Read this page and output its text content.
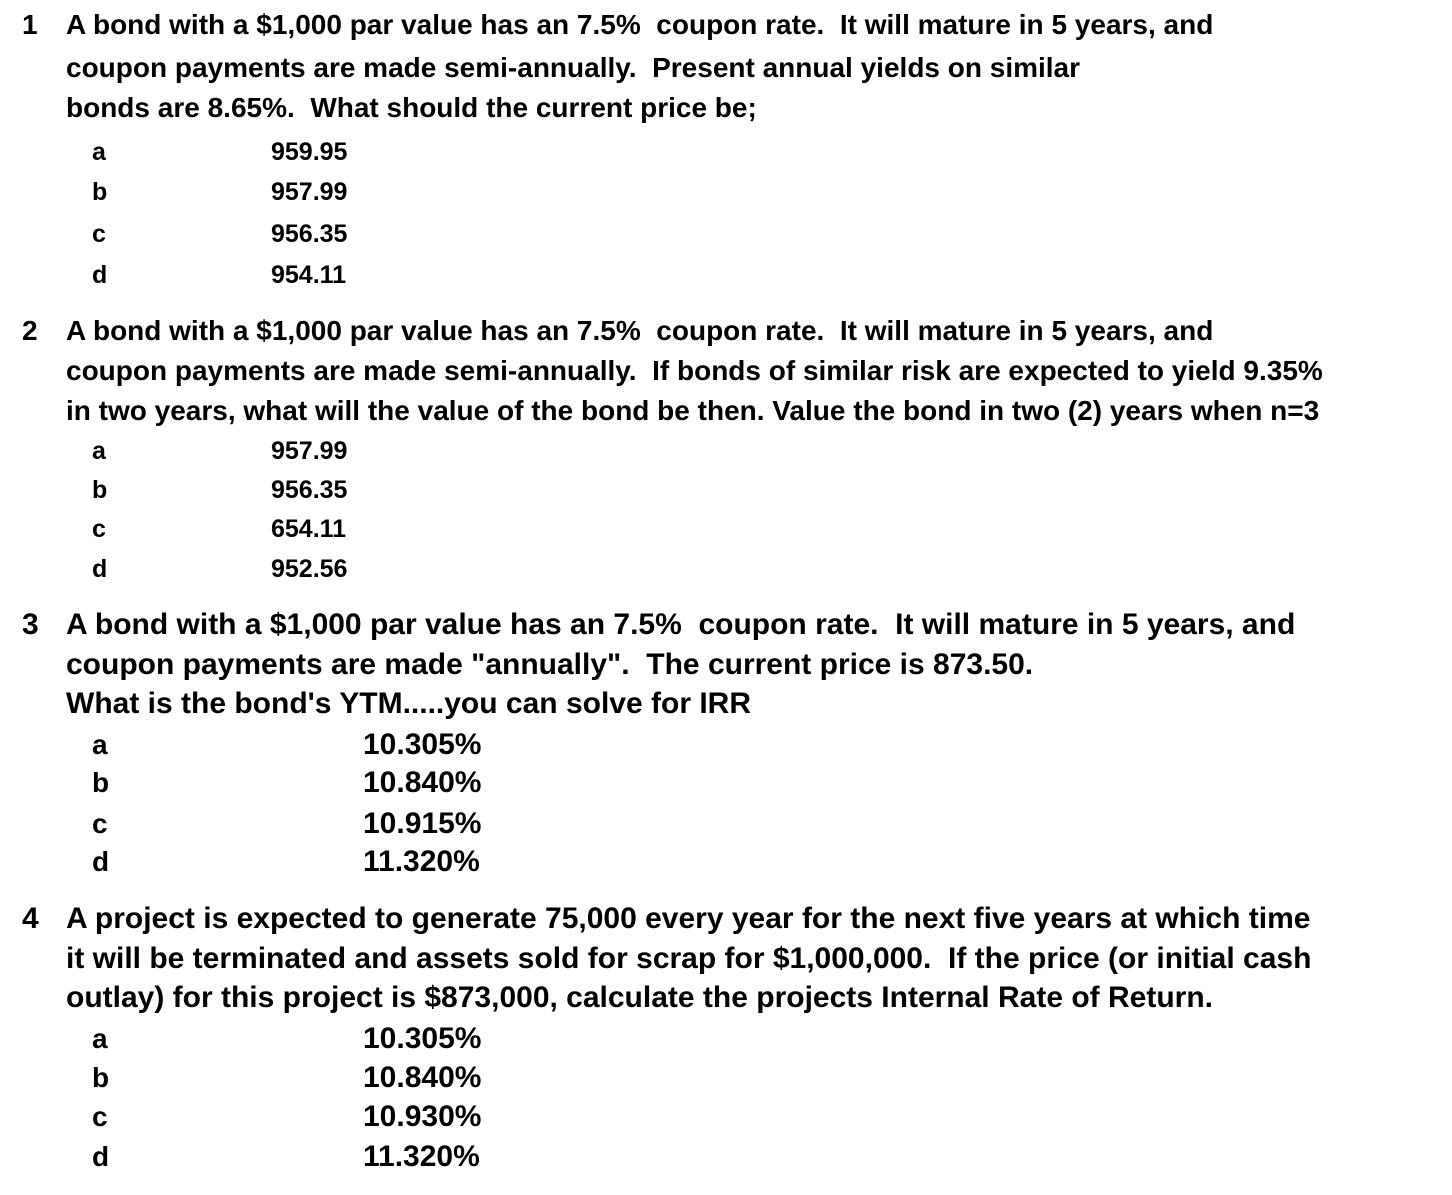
1 A bond with a $1,000 par value has an 7.5%  coupon rate.  It will mature in 5 years, and
coupon payments are made semi-annually.  Present annual yields on similar
bonds are 8.65%.  What should the current price be;
a	959.95
b	957.99
c	956.35
d	954.11
2 A bond with a $1,000 par value has an 7.5%  coupon rate.  It will mature in 5 years, and
coupon payments are made semi-annually.  If bonds of similar risk are expected to yield 9.35%
in two years, what will the value of the bond be then. Value the bond in two (2) years when n=3
a	957.99
b	956.35
c	654.11
d	952.56
3 A bond with a $1,000 par value has an 7.5%  coupon rate.  It will mature in 5 years, and
coupon payments are made "annually".  The current price is 873.50.
What is the bond's YTM.....you can solve for IRR
a	10.305%
b	10.840%
c	10.915%
d	11.320%
4 A project is expected to generate 75,000 every year for the next five years at which time
it will be terminated and assets sold for scrap for $1,000,000.  If the price (or initial cash
outlay) for this project is $873,000, calculate the projects Internal Rate of Return.
a	10.305%
b	10.840%
c	10.930%
d	11.320%
